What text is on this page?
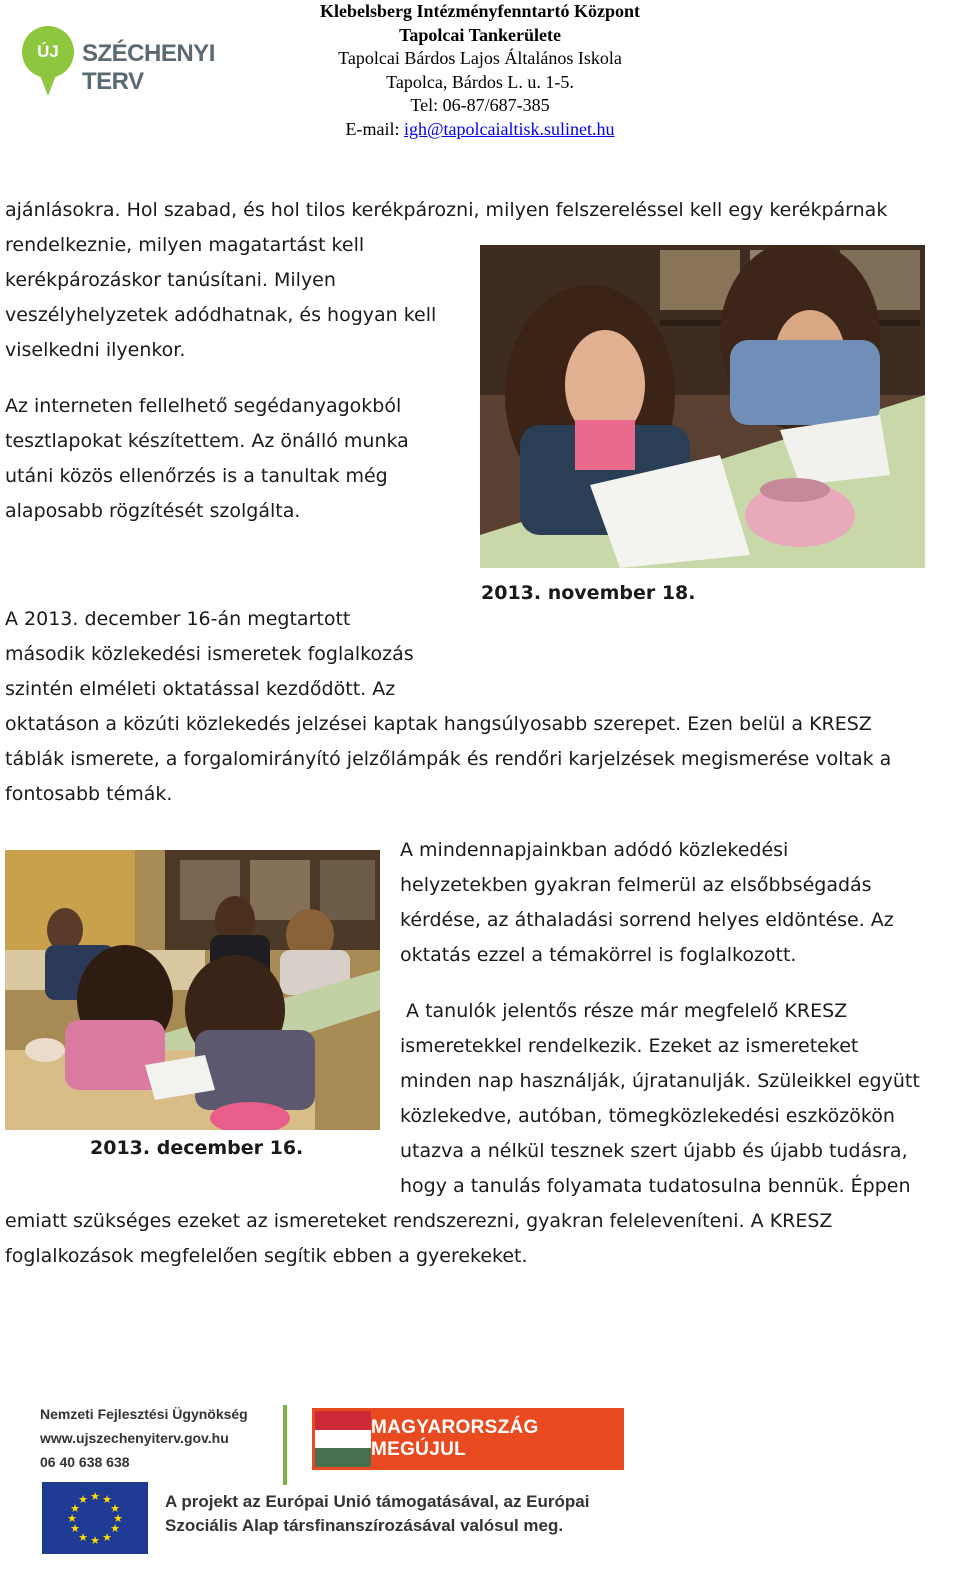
ÚJ SZÉCHENYI TERV
Klebelsberg Intézményfenntartó Központ
Tapolcai Tankerülete
Tapolcai Bárdos Lajos Általános Iskola
Tapolca, Bárdos L. u. 1-5.
Tel: 06-87/687-385
E-mail: igh@tapolcaialtisk.sulinet.hu
ajánlásokra. Hol szabad, és hol tilos kerékpározni, milyen felszereléssel kell egy kerékpárnak
rendelkeznie, milyen magatartást kell
kerékpározáskor tanúsítani. Milyen
veszélyhelyzetek adódhatnak, és hogyan kell
viselkedni ilyenkor.
Az interneten fellelhető segédanyagokból
tesztlapokat készítettem. Az önálló munka
utáni közös ellenőrzés is a tanultak még
alaposabb rögzítését szolgálta.
2013. november 18.
A 2013. december 16-án megtartott
második közlekedési ismeretek foglalkozás
szintén elméleti oktatással kezdődött. Az
oktatáson a közúti közlekedés jelzései kaptak hangsúlyosabb szerepet. Ezen belül a KRESZ
táblák ismerete, a forgalomirányító jelzőlámpák és rendőri karjelzések megismerése voltak a
fontosabb témák.
A mindennapjainkban adódó közlekedési
helyzetekben gyakran felmerül az elsőbbségadás
kérdése, az áthaladási sorrend helyes eldöntése. Az
oktatás ezzel a témakörrel is foglalkozott.
A tanulók jelentős része már megfelelő KRESZ
ismeretekkel rendelkezik. Ezeket az ismereteket
minden nap használják, újratanulják. Szüleikkel együtt
közlekedve, autóban, tömegközlekedési eszközökön
utazva a nélkül tesznek szert újabb és újabb tudásra,
hogy a tanulás folyamata tudatosulna bennük. Éppen
emiatt szükséges ezeket az ismereteket rendszerezni, gyakran feleleveníteni. A KRESZ
foglalkozások megfelelően segítik ebben a gyerekeket.
2013. december 16.
Nemzeti Fejlesztési Ügynökség
www.ujszechenyiterv.gov.hu
06 40 638 638
MAGYARORSZÁG MEGÚJUL
★ ★
★
★
★
★
★
★
★
★
★
★	A projekt az Európai Unió támogatásával, az Európai
Szociális Alap társfinanszírozásával valósul meg.
